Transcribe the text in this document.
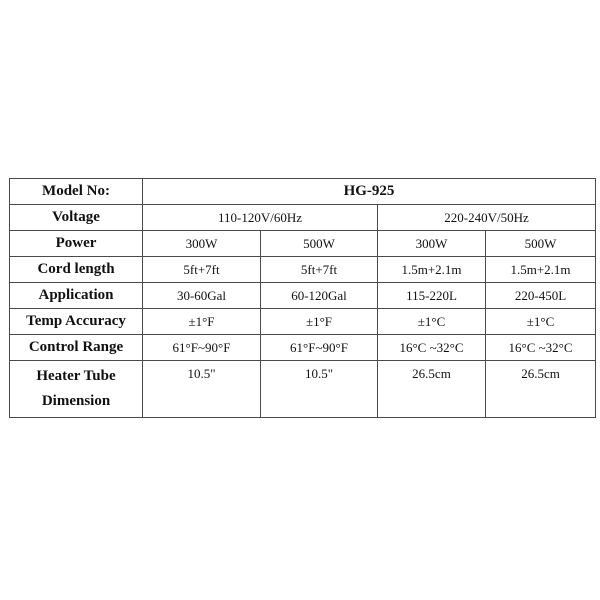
Model No:	HG-925			
Voltage	110-120V/60Hz		220-240V/50Hz	
Power	300W	500W	300W	500W
Cord length	5ft+7ft	5ft+7ft	1.5m+2.1m	1.5m+2.1m
Application	30-60Gal	60-120Gal	115-220L	220-450L
Temp Accuracy	±1°F	±1°F	±1°C	±1°C
Control Range	61°F~90°F	61°F~90°F	16°C ~32°C	16°C ~32°C

Heater Tube
Dimension	10.5"	10.5"	26.5cm	26.5cm
